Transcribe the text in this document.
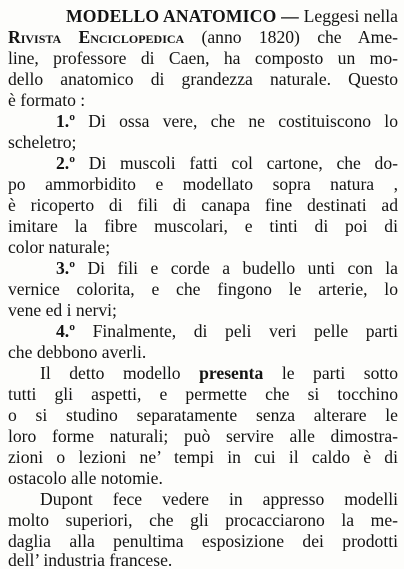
MODELLO ANATOMICO — Leggesi nella
Rivista Enciclopedica (anno 1820) che Ame-
line, professore di Caen, ha composto un mo-
dello anatomico di grandezza naturale. Questo
è formato :
1.º Di ossa vere, che ne costituiscono lo
scheletro;
2.º Di muscoli fatti col cartone, che do-
po ammorbidito e modellato sopra natura ,
è ricoperto di fili di canapa fine destinati ad
imitare la fibre muscolari, e tinti di poi di
color naturale;
3.º Di fili e corde a budello unti con la
vernice colorita, e che fingono le arterie, lo
vene ed i nervi;
4.º Finalmente, di peli veri pelle parti
che debbono averli.
Il detto modello presenta le parti sotto
tutti gli aspetti, e permette che si tocchino
o si studino separatamente senza alterare le
loro forme naturali; può servire alle dimostra-
zioni o lezioni ne’ tempi in cui il caldo è di
ostacolo alle notomie.
Dupont fece vedere in appresso modelli
molto superiori, che gli procacciarono la me-
daglia alla penultima esposizione dei prodotti
dell’ industria francese.
